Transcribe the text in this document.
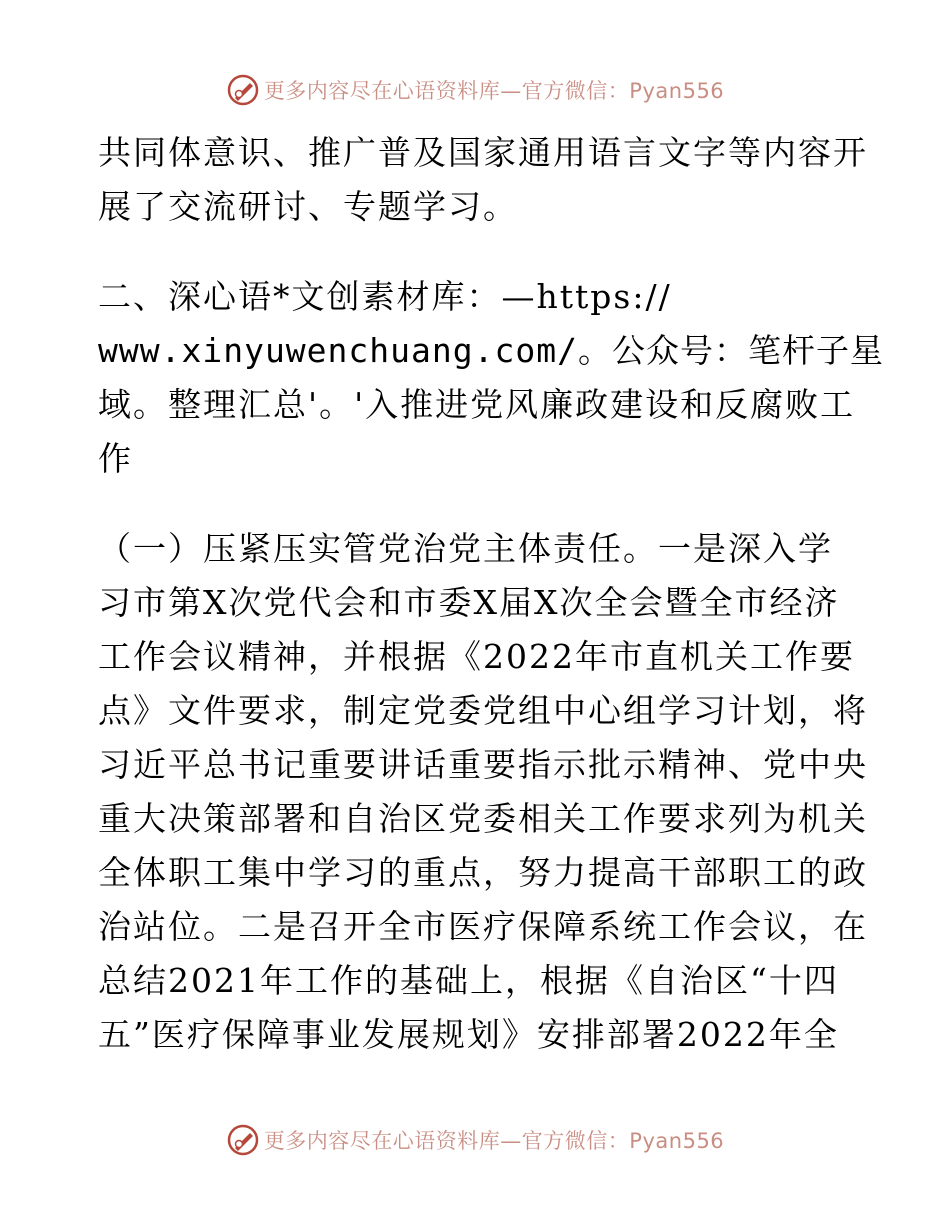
更多内容尽在心语资料库—官方微信：Pyan556
共同体意识、推广普及国家通用语言文字等内容开
展了交流研讨、专题学习。
二、深心语*文创素材库：—https://
www.xinyuwenchuang.com/。公众号：笔杆子星
域。整理汇总'。'入推进党风廉政建设和反腐败工
作
（一）压紧压实管党治党主体责任。一是深入学
习市第X次党代会和市委X届X次全会暨全市经济
工作会议精神，并根据《2022年市直机关工作要
点》文件要求，制定党委党组中心组学习计划，将
习近平总书记重要讲话重要指示批示精神、党中央
重大决策部署和自治区党委相关工作要求列为机关
全体职工集中学习的重点，努力提高干部职工的政
治站位。二是召开全市医疗保障系统工作会议，在
总结2021年工作的基础上，根据《自治区“十四
五”医疗保障事业发展规划》安排部署2022年全
更多内容尽在心语资料库—官方微信：Pyan556
